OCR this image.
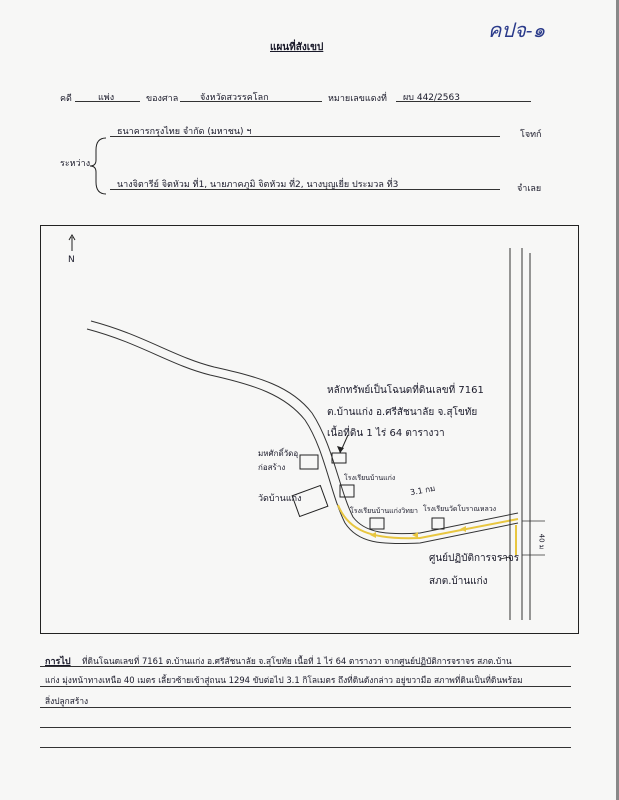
คปจ-๑
แผนที่สังเขป
คดี	แพ่ง	ของศาล จังหวัดสวรรคโลก	หมายเลขแดงที่ ผบ 442/2563
ธนาคารกรุงไทย จำกัด (มหาชน) ฯ	โจทก์
ระหว่าง
นางจิตารีย์ จิตหัวม ที่1, นายภาคภูมิ จิตหัวม ที่2, นางบุญเยี่ย ประมวล ที่3	จำเลย
N
หลักทรัพย์เป็นโฉนดที่ดินเลขที่ 7161
ต.บ้านแก่ง อ.ศรีสัชนาลัย จ.สุโขทัย
เนื้อที่ดิน 1 ไร่ 64 ตารางวา
มหศักดิ์วัดอุ
ก่อสร้าง
วัดบ้านแก่ง
โรงเรียนบ้านแก่ง
3.1 กม
โรงเรียนบ้านแก่งวิทยา โรงเรียนวัดโบราณหลวง
40 ม
ศูนย์ปฏิบัติการจราจร
สภต.บ้านแก่ง
การไป ที่ดินโฉนดเลขที่ 7161 ต.บ้านแก่ง อ.ศรีสัชนาลัย จ.สุโขทัย เนื้อที่ 1 ไร่ 64 ตารางวา จากศูนย์ปฏิบัติการจราจร สภต.บ้าน
แก่ง มุ่งหน้าทางเหนือ 40 เมตร เลี้ยวซ้ายเข้าสู่ถนน 1294 ขับต่อไป 3.1 กิโลเมตร ถึงที่ดินดังกล่าว อยู่ขวามือ สภาพที่ดินเป็นที่ดินพร้อม
สิ่งปลูกสร้าง
